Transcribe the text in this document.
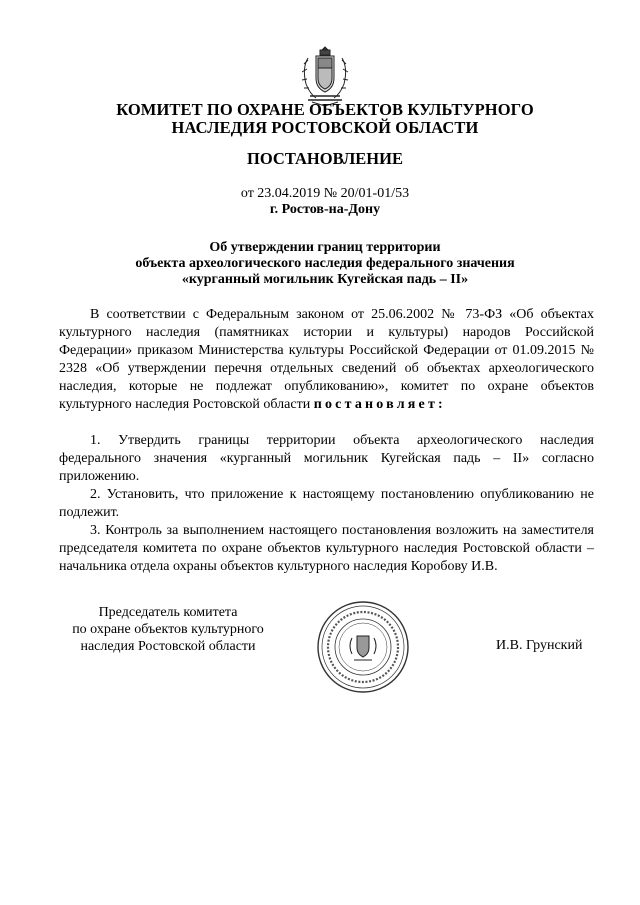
КОМИТЕТ ПО ОХРАНЕ ОБЪЕКТОВ КУЛЬТУРНОГО
НАСЛЕДИЯ РОСТОВСКОЙ ОБЛАСТИ
ПОСТАНОВЛЕНИЕ
от 23.04.2019 № 20/01-01/53
г. Ростов-на-Дону
Об утверждении границ территории
объекта археологического наследия федерального значения
«курганный могильник Кугейская падь – II»

В соответствии с Федеральным законом от 25.06.2002 № 73-ФЗ «Об объектах культурного наследия (памятниках истории и культуры) народов Российской Федерации» приказом Министерства культуры Российской Федерации от 01.09.2015 № 2328 «Об утверждении перечня отдельных сведений об объектах археологического наследия, которые не подлежат опубликованию», комитет по охране объектов культурного наследия Ростовской области постановляет:

1. Утвердить границы территории объекта археологического наследия федерального значения «курганный могильник Кугейская падь – II» согласно приложению.

2. Установить, что приложение к настоящему постановлению опубликованию не подлежит.

3. Контроль за выполнением настоящего постановления возложить на заместителя председателя комитета по охране объектов культурного наследия Ростовской области – начальника отдела охраны объектов культурного наследия Коробову И.В.

Председатель комитета
по охране объектов культурного
наследия Ростовской области	И.В. Грунский
